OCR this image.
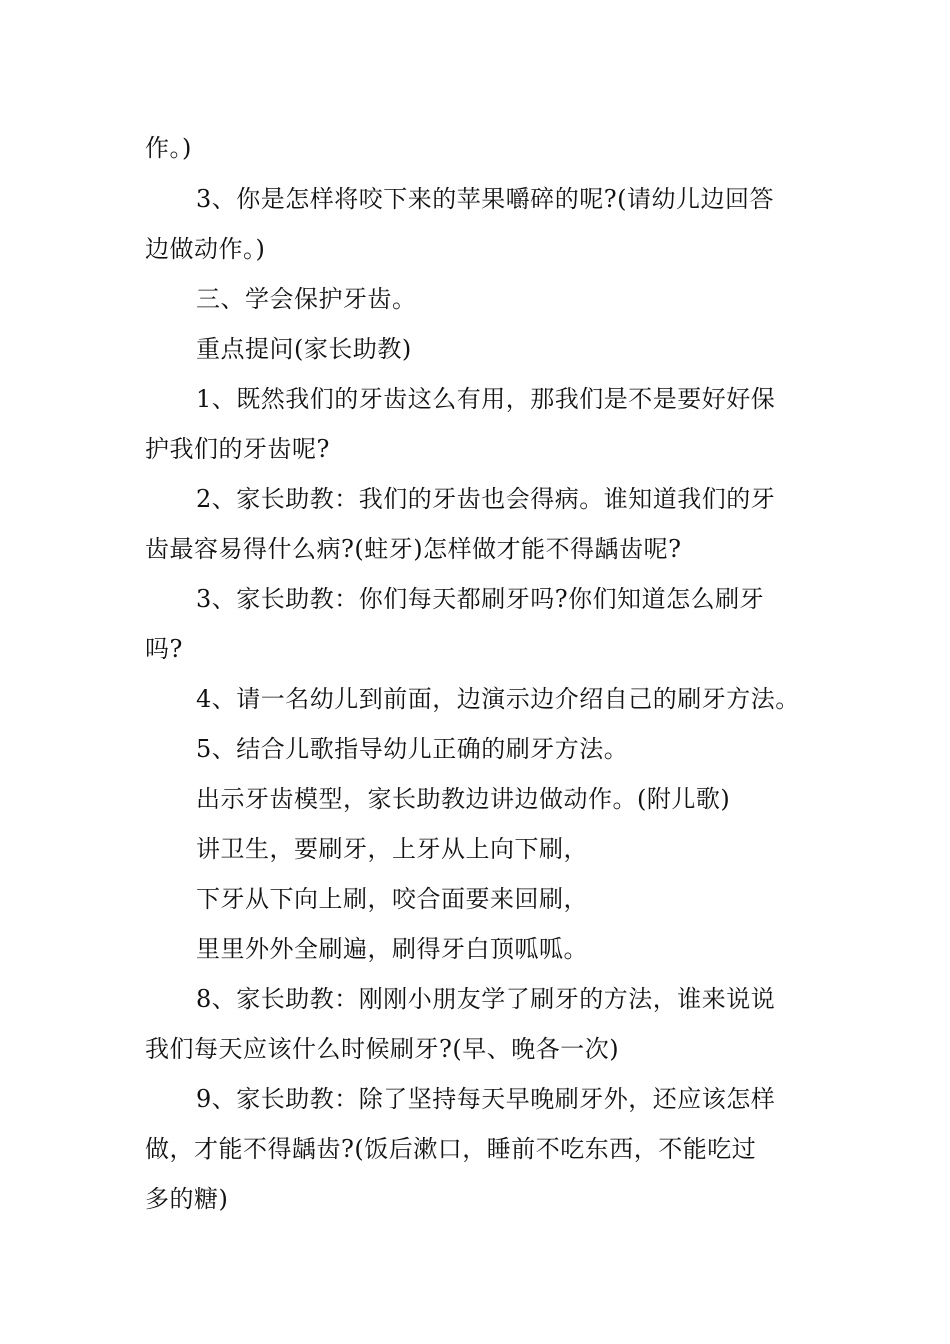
作。)
3、你是怎样将咬下来的苹果嚼碎的呢?(请幼儿边回答
边做动作。)
三、学会保护牙齿。
重点提问(家长助教)
1、既然我们的牙齿这么有用，那我们是不是要好好保
护我们的牙齿呢?
2、家长助教：我们的牙齿也会得病。谁知道我们的牙
齿最容易得什么病?(蛀牙)怎样做才能不得龋齿呢?
3、家长助教：你们每天都刷牙吗?你们知道怎么刷牙
吗?
4、请一名幼儿到前面，边演示边介绍自己的刷牙方法。
5、结合儿歌指导幼儿正确的刷牙方法。
出示牙齿模型，家长助教边讲边做动作。(附儿歌)
讲卫生，要刷牙，上牙从上向下刷，
下牙从下向上刷，咬合面要来回刷，
里里外外全刷遍，刷得牙白顶呱呱。
8、家长助教：刚刚小朋友学了刷牙的方法，谁来说说
我们每天应该什么时候刷牙?(早、晚各一次)
9、家长助教：除了坚持每天早晚刷牙外，还应该怎样
做，才能不得龋齿?(饭后漱口，睡前不吃东西，不能吃过
多的糖)
